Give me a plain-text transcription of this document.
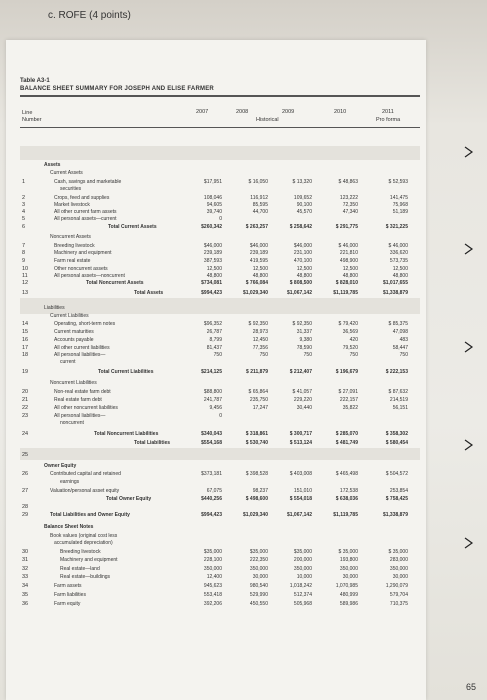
c. ROFE (4 points)
Table A3-1
BALANCE SHEET SUMMARY FOR JOSEPH AND ELISE FARMER
Line
Number
2007	2008	2009	2010	2011
Historical	Pro forma
Assets
Current Assets
1	Cash, savings and marketable	$17,951	$ 16,050	$ 13,320	$ 48,863	$ 52,593
securities
2	Crops, feed and supplies	108,046	116,912	109,652	123,222	141,475
3	Market livestock	94,605	85,595	90,100	72,350	75,968
4	All other current farm assets	39,740	44,700	45,570	47,340	51,189
5	All personal assets—current	0
6	Total Current Assets	$260,342	$ 263,257	$ 258,642	$ 291,775	$ 321,225
Noncurrent Assets
7	Breeding livestock	$46,000	$46,000	$46,000	$ 46,000	$ 46,000
8	Machinery and equipment	239,189	239,189	231,100	221,810	336,620
9	Farm real estate	387,593	419,595	470,100	498,900	573,735
10	Other noncurrent assets	12,500	12,500	12,500	12,500	12,500
11	All personal assets—noncurrent	48,800	48,800	48,800	48,800	48,800
12	Total Noncurrent Assets	$734,081	$ 766,084	$ 808,500	$ 828,010	$1,017,655
13	Total Assets	$994,423	$1,029,340	$1,067,142	$1,119,785	$1,338,879
Liabilities
Current Liabilities
14	Operating, short-term notes	$96,352	$ 92,350	$ 92,350	$ 79,420	$ 85,375
15	Current maturities	26,787	28,973	31,337	36,569	47,098
16	Accounts payable	8,799	12,450	9,380	420	483
17	All other current liabilities	81,437	77,356	78,590	79,520	58,447
18	All personal liabilities—	750	750	750	750	750
current
19	Total Current Liabilities	$214,125	$ 211,879	$ 212,407	$ 196,679	$ 222,153
Noncurrent Liabilities
20	Non-real estate farm debt	$88,800	$ 65,864	$ 41,057	$ 27,091	$ 87,632
21	Real estate farm debt	241,787	235,750	229,220	222,157	214,519
22	All other noncurrent liabilities	9,456	17,247	30,440	35,822	56,151
23	All personal liabilities—	0
noncurrent
24	Total Noncurrent Liabilities	$340,043	$ 318,861	$ 300,717	$ 285,070	$ 358,302
Total Liabilities	$554,168	$ 530,740	$ 513,124	$ 481,749	$ 580,454
25
Owner Equity
26	Contributed capital and retained	$373,181	$ 398,528	$ 403,008	$ 465,498	$ 504,572
earnings
27	Valuation/personal asset equity	67,075	98,237	151,010	172,538	253,854
Total Owner Equity	$440,256	$ 498,600	$ 554,018	$ 638,036	$ 758,425
28
29	Total Liabilities and Owner Equity	$994,423	$1,029,340	$1,067,142	$1,119,785	$1,338,879
Balance Sheet Notes
Book values (original cost less
accumulated depreciation)
30	Breeding livestock	$35,000	$35,000	$35,000	$ 35,000	$ 35,000
31	Machinery and equipment	228,100	222,350	200,000	193,800	283,000
32	Real estate—land	350,000	350,000	350,000	350,000	350,000
33	Real estate—buildings	12,400	30,000	10,000	30,000	30,000
34	Farm assets	945,623	980,540	1,018,242	1,070,985	1,290,079
35	Farm liabilities	553,418	529,990	512,374	480,999	579,704
36	Farm equity	392,206	450,550	505,968	589,986	710,375
65
